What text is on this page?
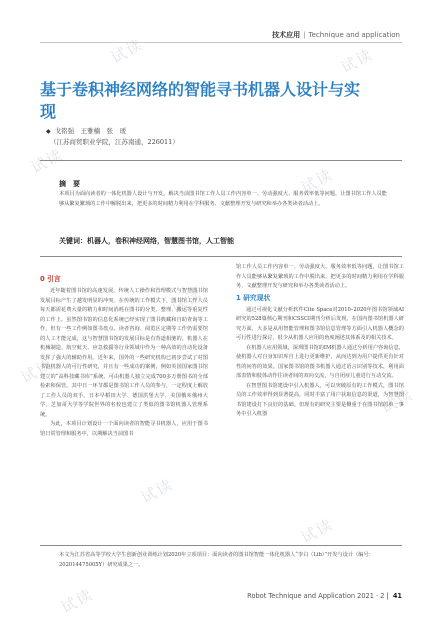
试读	试读
试读
试读
试读
试读
试读
试读
试读
试读
技术应用 | Technique and application
基于卷积神经网络的智能寻书机器人设计与实现
◆ 戈铭强　王雅楠　张　瑷
（江苏商贸职业学院，江苏南通，226011）
摘　要
本项目为面向读者的一体化机器人设计与开发，解决当前图书馆工作人员工作内容单一、劳动强度大、服务效率低等问题。让图书馆工作人员能够从繁复繁琐的工作中解脱出来，把更多的时间精力利用在学科服务、文献整理开发与研究和举办各类读者活动上。
关键词：机器人，卷积神经网络，智慧图书馆，人工智能

0 引言

近年随着图书馆的高速发展，传统人工操作和管理模式与智慧图书馆发展目标产生了越发明显的冲突。在传统的工作模式下，图书馆工作人员每天都需花费大量的精力和时间消耗在图书的分类、整理、搬运等重复性的工作上。虽然图书馆的信息化系统已经实现了图书典藏和自助查询等工作，但有一些工作例如图书盘点、读者咨询、阅览区定期等工作仍需要馆的人工才能完成，这与智慧图书馆的发展目标是有背道相驰的。机器人在机械制造、航空航天、应急救援等行业领域中作为一种高效的自动化设备发挥了强大的辅助作用。近年来，国外的一些研究机构已初步尝试了对图书馆机器人的可行性研究，并且有一些成功的案例，例如英国国家图书馆建立的“高科技藏书库”系统，可由机器人独立完成700多万册图书的全部检索和保管。其中日一环节都是图书馆工作人员的参与，一定程度上解放了工作人员的双手。日本早稻田大学、德国洪堡大学、美国俄亥俄州大学、芝加哥大学等学院世界的名校也建立了类似的图书馆机器人管理系统。

为此，本项目计划设计一个面向读者的智能寻书机器人，应用于图书馆日常管理和服务中，以期解决当前图书

馆工作人员工作内容单一、劳动强度大、服务效率低等问题，让图书馆工作人员能够从繁复繁琐的工作中脱出来，把更多的时间精力利用在学科服务、文献整理开发与研究和举办各类读者活动上。

1 研究现状

通过可视化文献分析软件Cite Space对2010–2020年图书馆领域AI研究的528篇核心期刊和CSSCI期刊分析后发现，在国内图书馆机器人研究方面，大多是从用智能管理和图书馆信息管理等方面引入机器人概念的可行性进行探讨，很少从机器人应用的角度阐述其体系及的相关技术。

在机器人应用领域，深圳图书馆的IM机器人通过分析用户咨询信息，使机器人对自身知识库自上进行更新维护，从而达到为用户提供更有针对性的问答的效果。国家图书馆的图书机器人通过语言识别等技术，利用面部表情和肢体动作往读者间的双向交流，与自闭症儿童进行互动交流。

在智慧图书馆建设中引入机器人，可以突破原有的工作模式，图书馆员的工作效率得到显著提高，同时丰富了用户获取信息的渠道，为智慧图书馆建设打下良好的基础。但现有的研究主要是侧重于在图书馆的单一事务中引入机器

本文为江苏省高等学校大学生创新创业训练计划2020年立项项目：面向读者的图书馆智能一体化机器人“李白（Lib）”开发与设计（编号：202014475005Y）研究成果之一。
Robot Technique and Application 2021 · 2 | 41
